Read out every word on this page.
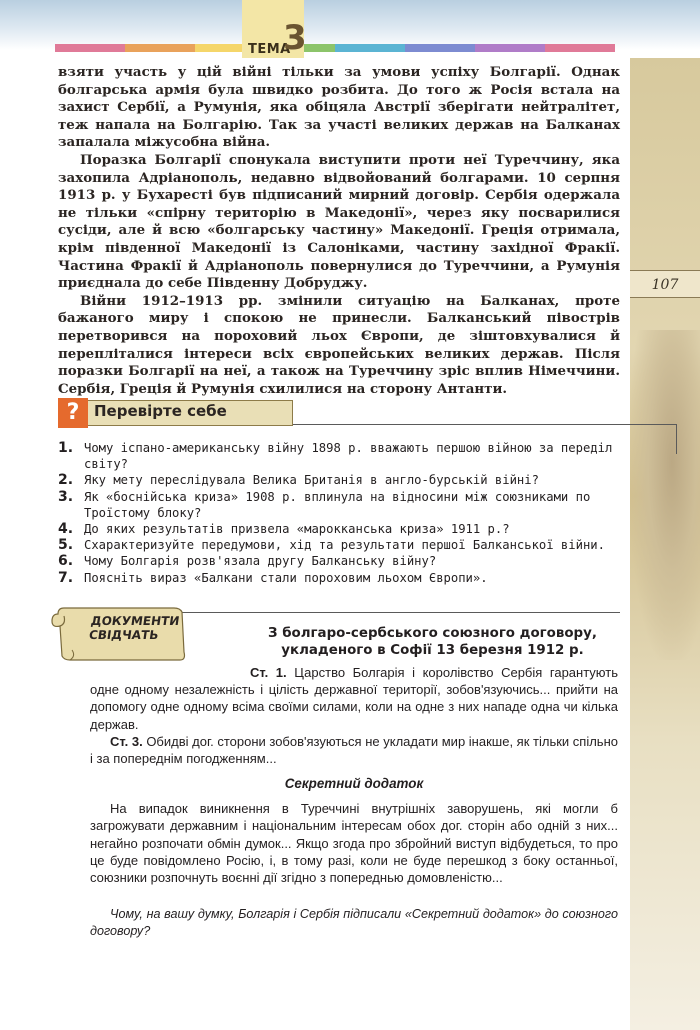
ТЕМА
3
107

взяти участь у цій війні тільки за умови успіху Болгарії. Однак болгарська армія була швидко розбита. До того ж Росія встала на захист Сербії, а Румунія, яка обіцяла Австрії зберігати нейтралітет, теж напала на Болгарію. Так за участі великих держав на Балканах запалала міжусобна війна.

Поразка Болгарії спонукала виступити проти неї Туреччину, яка захопила Адріанополь, недавно відвойований болгарами. 10 серпня 1913 р. у Бухаресті був підписаний мирний договір. Сербія одержала не тільки «спірну територію в Македонії», через яку посварилися сусіди, але й всю «болгарську частину» Македонії. Греція отримала, крім південної Македонії із Салоніками, частину західної Фракії. Частина Фракії й Адріанополь повернулися до Туреччини, а Румунія приєднала до себе Південну Добруджу.

Війни 1912–1913 рр. змінили ситуацію на Балканах, проте бажаного миру і спокою не принесли. Балканський півострів перетворився на пороховий льох Європи, де зіштовхувалися й перепліталися інтереси всіх європейських великих держав. Після поразки Болгарії на неї, а також на Туреччину зріс вплив Німеччини. Сербія, Греція й Румунія схилилися на сторону Антанти.

? Перевірте себе
1. Чому іспано-американську війну 1898 р. вважають першою війною за переділ світу?
2. Яку мету переслідувала Велика Британія в англо-бурській війні?
3. Як «боснійська криза» 1908 р. вплинула на відносини між союзниками по Троїстому блоку?
4. До яких результатів призвела «марокканська криза» 1911 р.?
5. Схарактеризуйте передумови, хід та результати першої Балканської війни.
6. Чому Болгарія розв'язала другу Балканську війну?
7. Поясніть вираз «Балкани стали пороховим льохом Європи».
ДОКУМЕНТИ
СВІДЧАТЬ	З болгаро-сербського союзного договору,
укладеного в Софії 13 березня 1912 р.

Ст. 1. Царство Болгарія і королівство Сербія гарантують одне одному незалежність і цілість державної території, зобов'язуючись... прийти на допомогу одне одному всіма своїми силами, коли на одне з них нападе одна чи кілька держав.

Ст. 3. Обидві дог. сторони зобов'язуються не укладати мир інакше, як тільки спільно і за попереднім погодженням...

Секретний додаток

На випадок виникнення в Туреччині внутрішніх заворушень, які могли б загрожувати державним і національним інтересам обох дог. сторін або одній з них... негайно розпочати обмін думок... Якщо згода про збройний виступ відбудеться, то про це буде повідомлено Росію, і, в тому разі, коли не буде перешкод з боку останньої, союзники розпочнуть воєнні дії згідно з попереднью домовленістю...

Чому, на вашу думку, Болгарія і Сербія підписали «Секретний додаток» до союзного договору?
